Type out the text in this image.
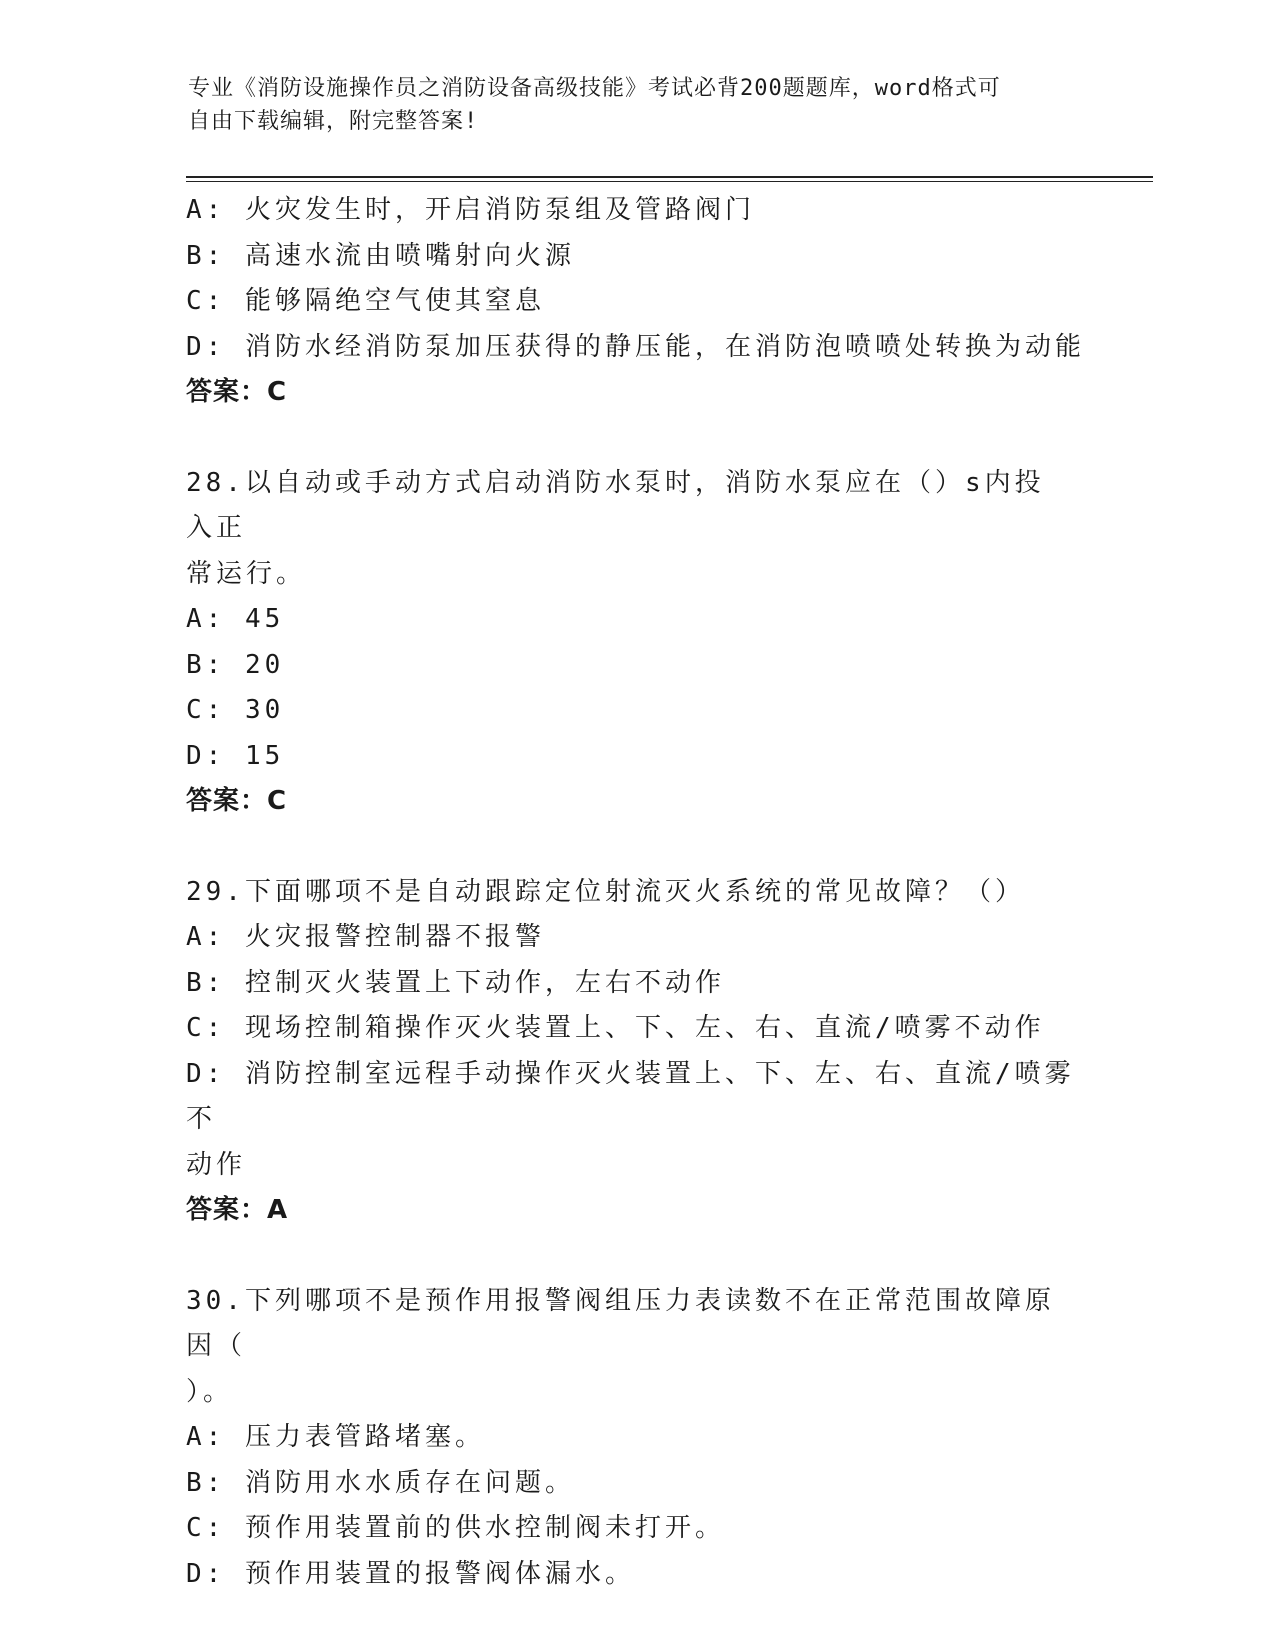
专业《消防设施操作员之消防设备高级技能》考试必背200题题库，word格式可
自由下载编辑，附完整答案!
A: 火灾发生时，开启消防泵组及管路阀门
B: 高速水流由喷嘴射向火源
C: 能够隔绝空气使其窒息
D: 消防水经消防泵加压获得的静压能，在消防泡喷喷处转换为动能
答案：C
28.以自动或手动方式启动消防水泵时，消防水泵应在（）s内投入正
常运行。
A: 45
B: 20
C: 30
D: 15
答案：C
29.下面哪项不是自动跟踪定位射流灭火系统的常见故障？（）
A: 火灾报警控制器不报警
B: 控制灭火装置上下动作，左右不动作
C: 现场控制箱操作灭火装置上、下、左、右、直流/喷雾不动作
D: 消防控制室远程手动操作灭火装置上、下、左、右、直流/喷雾不
动作
答案：A
30.下列哪项不是预作用报警阀组压力表读数不在正常范围故障原因（
）。
A: 压力表管路堵塞。
B: 消防用水水质存在问题。
C: 预作用装置前的供水控制阀未打开。
D: 预作用装置的报警阀体漏水。
